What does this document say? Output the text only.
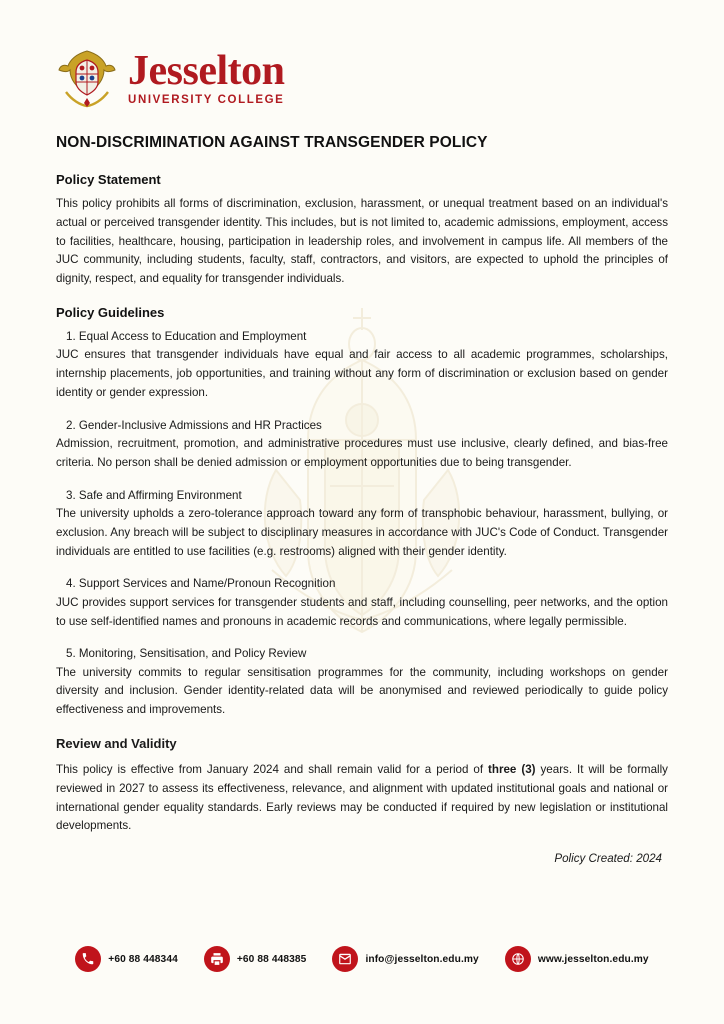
Jesselton
UNIVERSITY COLLEGE
NON-DISCRIMINATION AGAINST TRANSGENDER POLICY
Policy Statement

This policy prohibits all forms of discrimination, exclusion, harassment, or unequal treatment based on an individual's actual or perceived transgender identity. This includes, but is not limited to, academic admissions, employment, access to facilities, healthcare, housing, participation in leadership roles, and involvement in campus life. All members of the JUC community, including students, faculty, staff, contractors, and visitors, are expected to uphold the principles of dignity, respect, and equality for transgender individuals.

Policy Guidelines

1. Equal Access to Education and Employment

JUC ensures that transgender individuals have equal and fair access to all academic programmes, scholarships, internship placements, job opportunities, and training without any form of discrimination or exclusion based on gender identity or gender expression.

2. Gender-Inclusive Admissions and HR Practices

Admission, recruitment, promotion, and administrative procedures must use inclusive, clearly defined, and bias-free criteria. No person shall be denied admission or employment opportunities due to being transgender.

3. Safe and Affirming Environment

The university upholds a zero-tolerance approach toward any form of transphobic behaviour, harassment, bullying, or exclusion. Any breach will be subject to disciplinary measures in accordance with JUC's Code of Conduct. Transgender individuals are entitled to use facilities (e.g. restrooms) aligned with their gender identity.

4. Support Services and Name/Pronoun Recognition

JUC provides support services for transgender students and staff, including counselling, peer networks, and the option to use self-identified names and pronouns in academic records and communications, where legally permissible.

5. Monitoring, Sensitisation, and Policy Review

The university commits to regular sensitisation programmes for the community, including workshops on gender diversity and inclusion. Gender identity-related data will be anonymised and reviewed periodically to guide policy effectiveness and improvements.

Review and Validity

This policy is effective from January 2024 and shall remain valid for a period of three (3) years. It will be formally reviewed in 2027 to assess its effectiveness, relevance, and alignment with updated institutional goals and national or international gender equality standards. Early reviews may be conducted if required by new legislation or institutional developments.

Policy Created: 2024

+60 88 448344	+60 88 448385	info@jesselton.edu.my	www.jesselton.edu.my
